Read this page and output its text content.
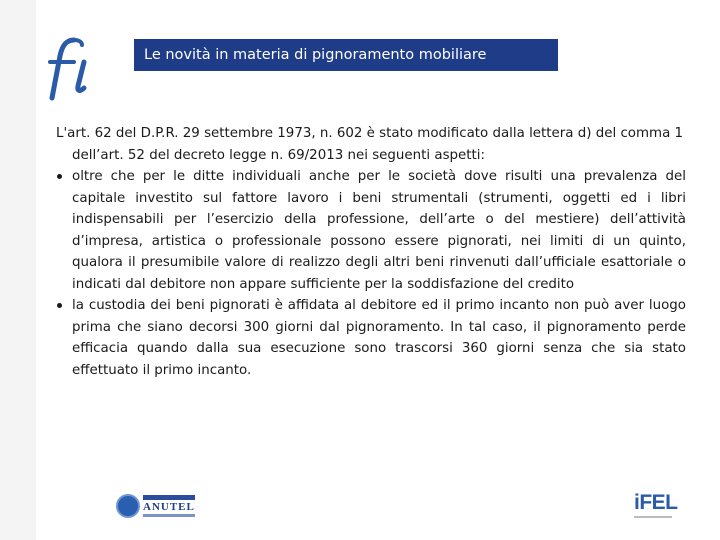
Le novità in materia di pignoramento mobiliare

L'art. 62 del D.P.R. 29 settembre 1973, n. 602 è stato modificato dalla lettera d) del comma 1 dell’art. 52 del decreto legge n. 69/2013 nei seguenti aspetti:

oltre che per le ditte individuali anche per le società dove risulti una prevalenza del capitale investito sul fattore lavoro i beni strumentali (strumenti, oggetti ed i libri indispensabili per l’esercizio della professione, dell’arte o del mestiere) dell’attività d’impresa, artistica o professionale possono essere pignorati, nei limiti di un quinto, qualora il presumibile valore di realizzo degli altri beni rinvenuti dall’ufficiale esattoriale o indicati dal debitore non appare sufficiente per la soddisfazione del credito
la custodia dei beni pignorati è affidata al debitore ed il primo incanto non può aver luogo prima che siano decorsi 300 giorni dal pignoramento. In tal caso, il pignoramento perde efficacia quando dalla sua esecuzione sono trascorsi 360 giorni senza che sia stato effettuato il primo incanto.
ANUTEL	iFEL
